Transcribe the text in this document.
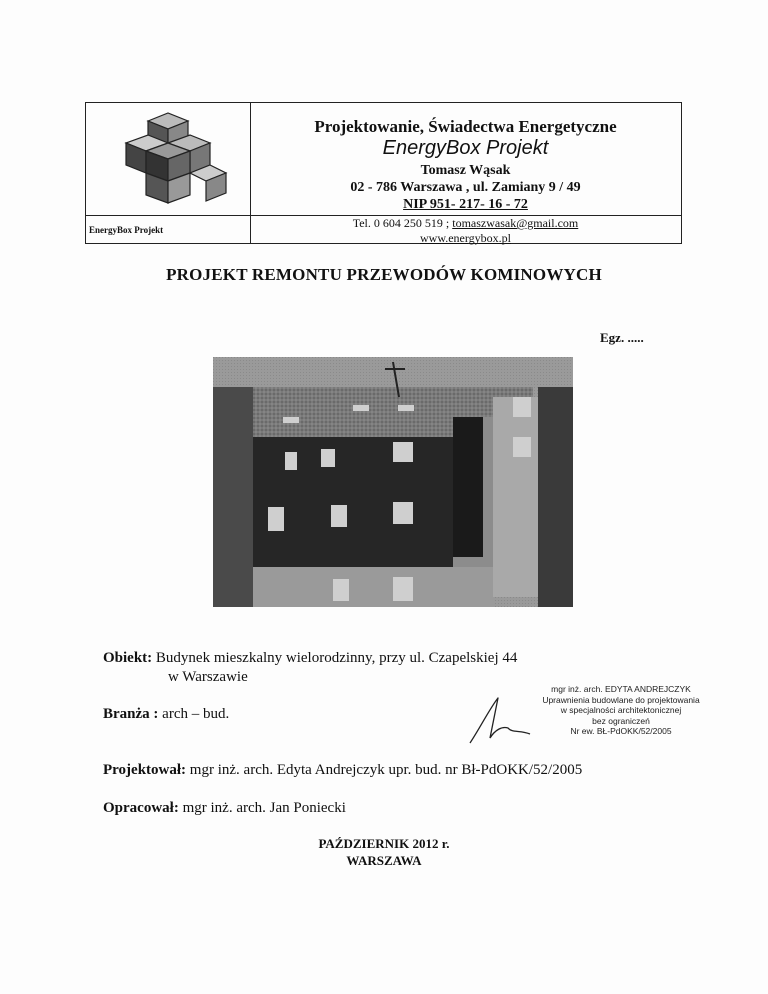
EnergyBox Projekt
Projektowanie, Świadectwa Energetyczne
EnergyBox Projekt
Tomasz Wąsak
02 - 786 Warszawa , ul. Zamiany 9 / 49
NIP 951- 217- 16 - 72
Tel. 0 604 250 519 ; tomaszwasak@gmail.com
www.energybox.pl
PROJEKT REMONTU PRZEWODÓW KOMINOWYCH
Egz. .....
mgr inż. arch. EDYTA ANDREJCZYK
Uprawnienia budowlane do projektowania
w specjalności architektonicznej
bez ograniczeń
Nr ew. BŁ-PdOKK/52/2005
Obiekt: Budynek mieszkalny wielorodzinny, przy ul. Czapelskiej 44
w Warszawie
Branża : arch – bud.
Projektował: mgr inż. arch. Edyta Andrejczyk upr. bud. nr Bł-PdOKK/52/2005
Opracował: mgr inż. arch. Jan Poniecki
PAŹDZIERNIK 2012 r.
WARSZAWA
